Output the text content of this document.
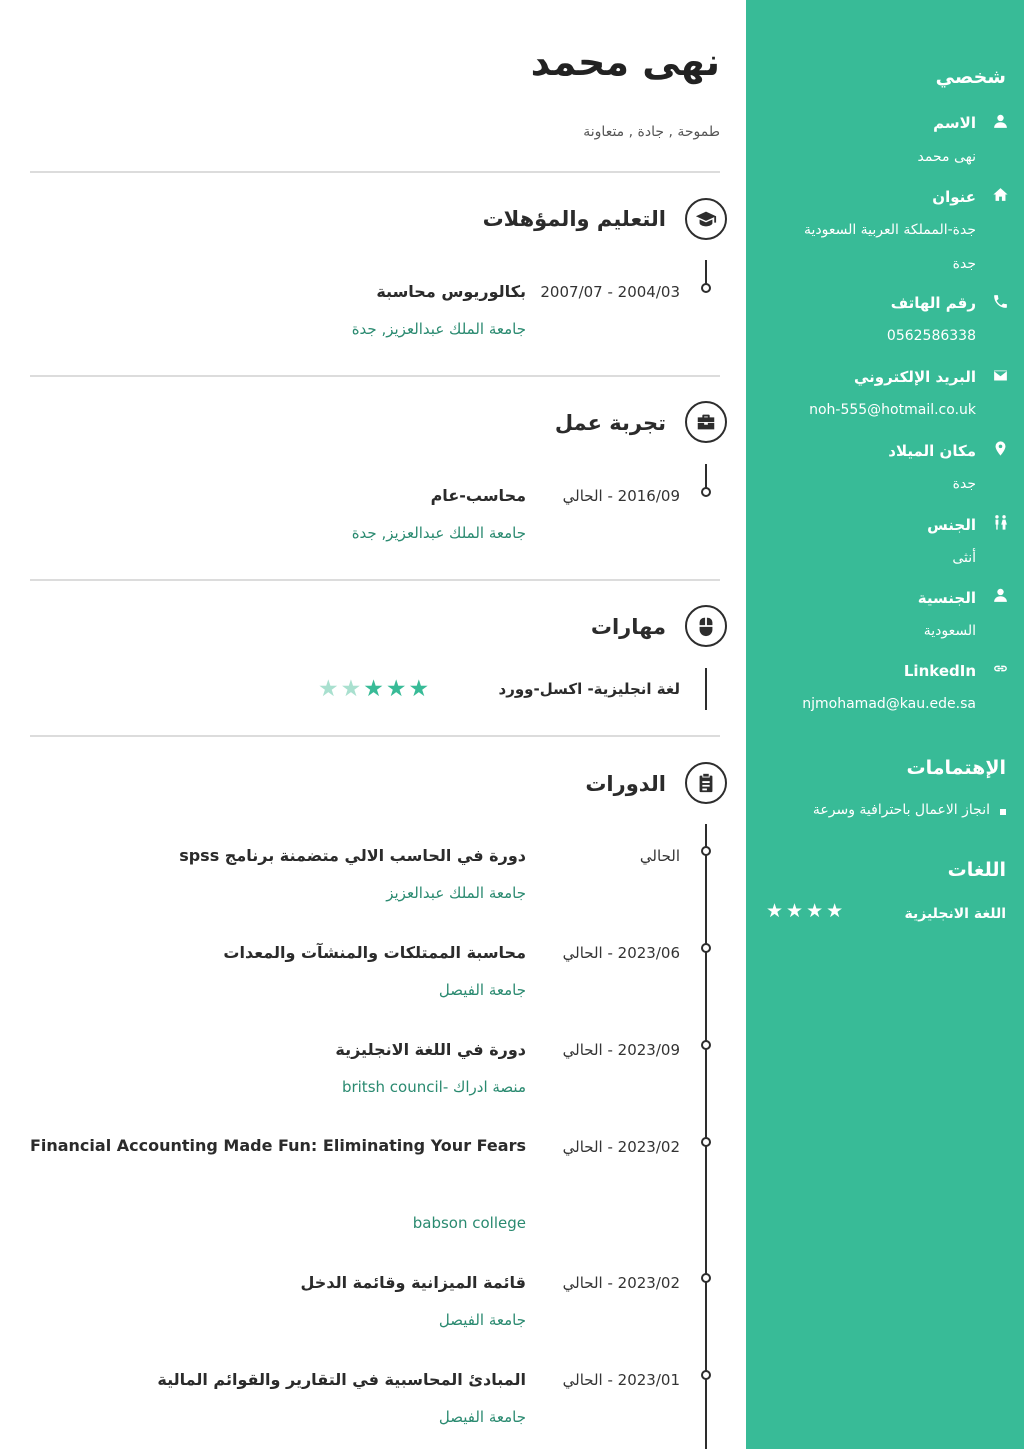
شخصي
الاسم
نهى محمد
عنوان
جدة-المملكة العربية السعودية
جدة
رقم الهاتف
0562586338
البريد الإلكتروني
noh-555@hotmail.co.uk
مكان الميلاد
جدة
الجنس
أنثى
الجنسية
السعودية
LinkedIn
njmohamad@kau.ede.sa
الإهتمامات
انجاز الاعمال باحترافية وسرعة
اللغات
اللغة الانجليزية
★★★★
نهى محمد
طموحة , جادة , متعاونة
التعليم والمؤهلات
2004/03 - 2007/07
بكالوريوس محاسبة
جامعة الملك عبدالعزيز, جدة
تجربة عمل
2016/09 - الحالي
محاسب-عام
جامعة الملك عبدالعزيز, جدة
مهارات
لغة انجليزية- اكسل-وورد
★★★★★
الدورات
الحالي
دورة في الحاسب الالي متضمنة برنامج spss
جامعة الملك عبدالعزيز
2023/06 - الحالي
محاسبة الممتلكات والمنشآت والمعدات
جامعة الفيصل
2023/09 - الحالي
دورة في اللغة الانجليزية
منصة ادراك -britsh council
2023/02 - الحالي
Financial Accounting Made Fun: Eliminating Your Fears
babson college
2023/02 - الحالي
قائمة الميزانية وقائمة الدخل
جامعة الفيصل
2023/01 - الحالي
المبادئ المحاسبية في التقارير والقوائم المالية
جامعة الفيصل
